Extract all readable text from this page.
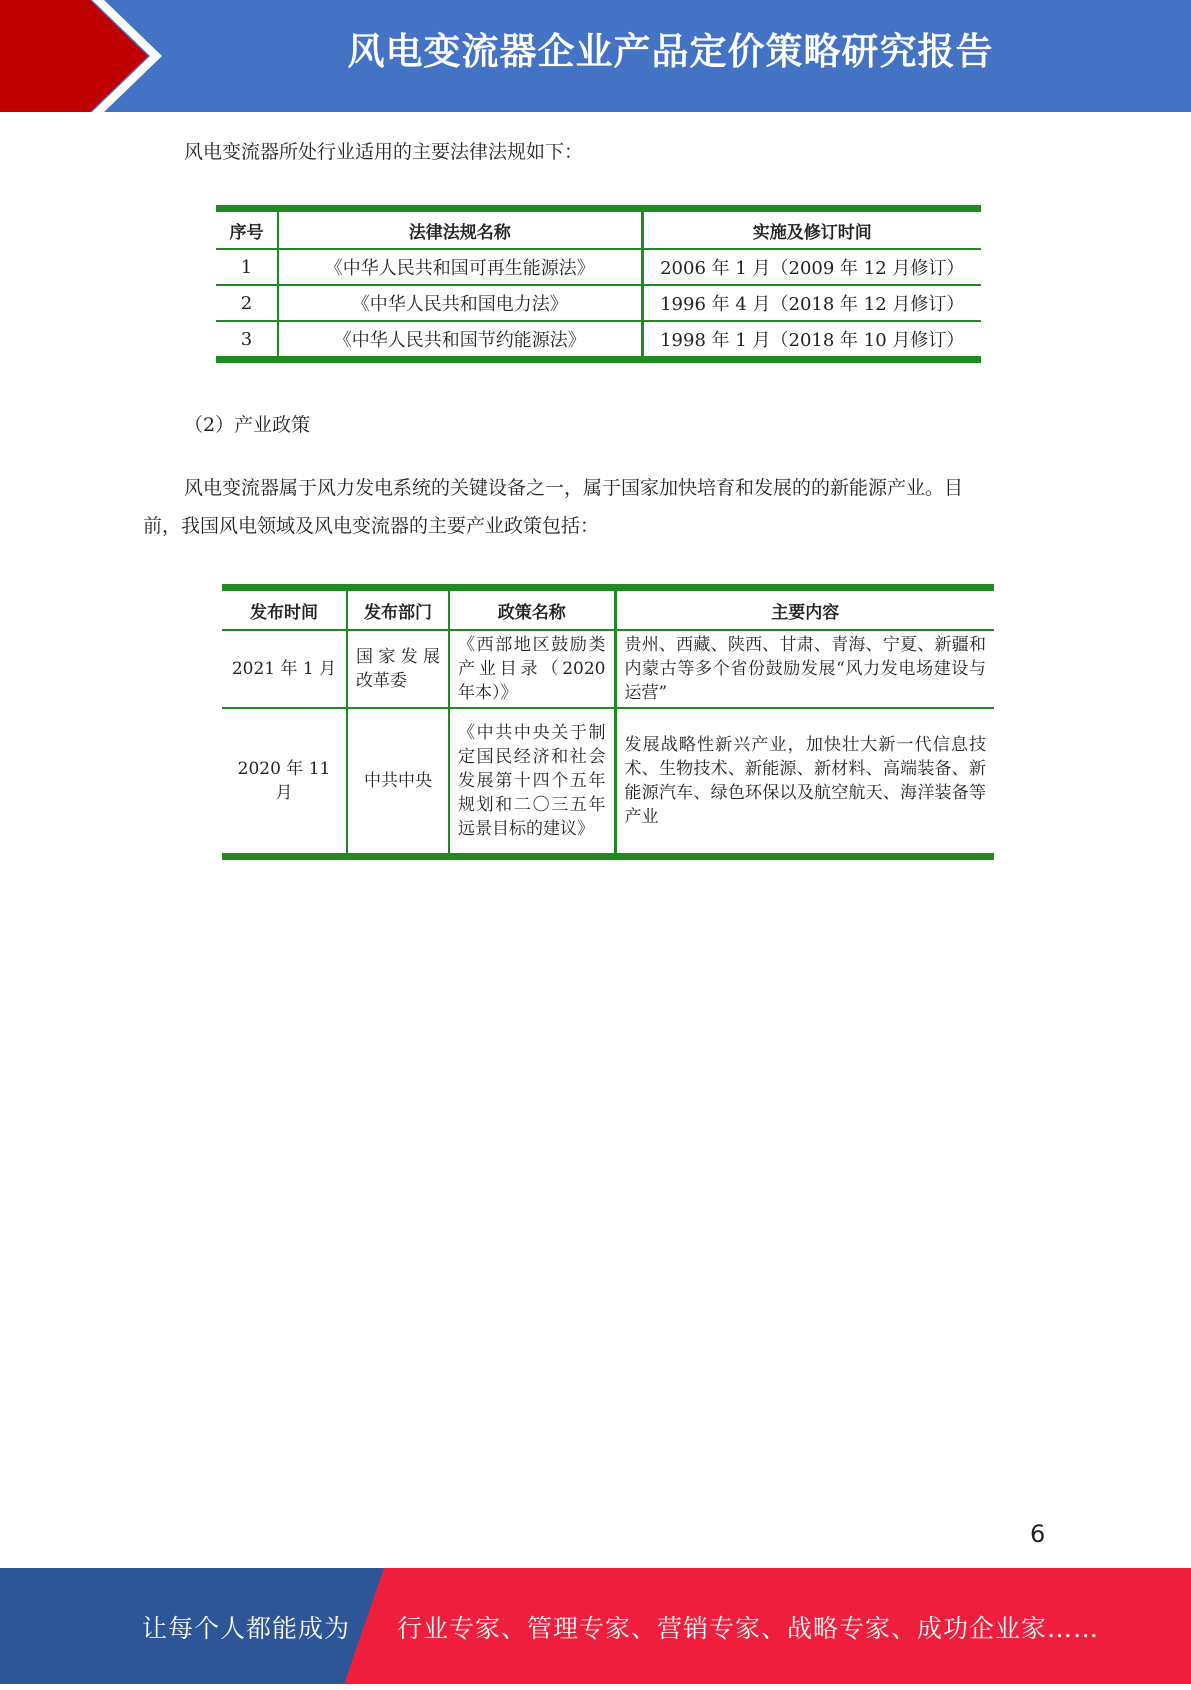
风电变流器企业产品定价策略研究报告
风电变流器所处行业适用的主要法律法规如下：
序号	法律法规名称	实施及修订时间
1	《中华人民共和国可再生能源法》	2006 年 1 月（2009 年 12 月修订）
2	《中华人民共和国电力法》	1996 年 4 月（2018 年 12 月修订）
3	《中华人民共和国节约能源法》	1998 年 1 月（2018 年 10 月修订）
（2）产业政策
风电变流器属于风力发电系统的关键设备之一，属于国家加快培育和发展的的新能源产业。目
前，我国风电领域及风电变流器的主要产业政策包括：
发布时间	发布部门	政策名称	主要内容
2021 年 1 月	国家发展改革委	《西部地区鼓励类产业目录（2020 年本）》	贵州、西藏、陕西、甘肃、青海、宁夏、新疆和内蒙古等多个省份鼓励发展“风力发电场建设与运营”
2020 年 11 月	中共中央	《中共中央关于制定国民经济和社会发展第十四个五年规划和二〇三五年远景目标的建议》	发展战略性新兴产业，加快壮大新一代信息技术、生物技术、新能源、新材料、高端装备、新能源汽车、绿色环保以及航空航天、海洋装备等产业
6
让每个人都能成为 行业专家、管理专家、营销专家、战略专家、成功企业家……
